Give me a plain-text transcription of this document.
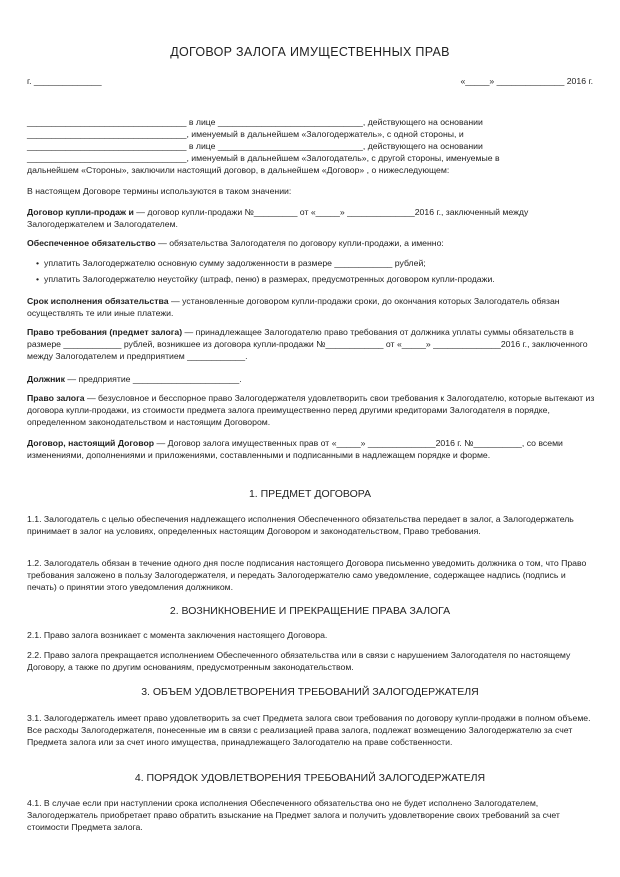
ДОГОВОР ЗАЛОГА ИМУЩЕСТВЕННЫХ ПРАВ
г. ______________	«_____» ______________ 2016 г.
_________________________________ в лице ______________________________, действующего на основании
_________________________________, именуемый в дальнейшем «Залогодержатель», с одной стороны, и
_________________________________ в лице ______________________________, действующего на основании
_________________________________, именуемый в дальнейшем «Залогодатель», с другой стороны, именуемые в
дальнейшем «Стороны», заключили настоящий договор, в дальнейшем «Договор» , о нижеследующем:
В настоящем Договоре термины используются в таком значении:
Договор купли-продаж и — договор купли-продажи №_________ от «_____» ______________2016 г., заключенный между Залогодержателем и Залогодателем.
Обеспеченное обязательство — обязательства Залогодателя по договору купли-продажи, а именно:
• уплатить Залогодержателю основную сумму задолженности в размере ____________ рублей;
• уплатить Залогодержателю неустойку (штраф, пеню) в размерах, предусмотренных договором купли-продажи.
Срок исполнения обязательства — установленные договором купли-продажи сроки, до окончания которых Залогодатель обязан осуществлять те или иные платежи.
Право требования (предмет залога) — принадлежащее Залогодателю право требования от должника уплаты суммы обязательств в размере ____________ рублей, возникшее из договора купли-продажи №____________ от «_____» ______________2016 г., заключенного между Залогодателем и предприятием ____________.
Должник — предприятие ______________________.
Право залога — безусловное и бесспорное право Залогодержателя удовлетворить свои требования к Залогодателю, которые вытекают из договора купли-продажи, из стоимости предмета залога преимущественно перед другими кредиторами Залогодателя в порядке, определенном законодательством и настоящим Договором.
Договор, настоящий Договор — Договор залога имущественных прав от «_____» ______________2016 г. №__________, со всеми изменениями, дополнениями и приложениями, составленными и подписанными в надлежащем порядке и форме.
1. ПРЕДМЕТ ДОГОВОРА
1.1. Залогодатель с целью обеспечения надлежащего исполнения Обеспеченного обязательства передает в залог, а Залогодержатель принимает в залог на условиях, определенных настоящим Договором и законодательством, Право требования.
1.2. Залогодатель обязан в течение одного дня после подписания настоящего Договора письменно уведомить должника о том, что Право требования заложено в пользу Залогодержателя, и передать Залогодержателю само уведомление, содержащее надпись (подпись и печать) о принятии этого уведомления должником.
2. ВОЗНИКНОВЕНИЕ И ПРЕКРАЩЕНИЕ ПРАВА ЗАЛОГА
2.1. Право залога возникает с момента заключения настоящего Договора.
2.2. Право залога прекращается исполнением Обеспеченного обязательства или в связи с нарушением Залогодателя по настоящему Договору, а также по другим основаниям, предусмотренным законодательством.
3. ОБЪЕМ УДОВЛЕТВОРЕНИЯ ТРЕБОВАНИЙ ЗАЛОГОДЕРЖАТЕЛЯ
3.1. Залогодержатель имеет право удовлетворить за счет Предмета залога свои требования по договору купли-продажи в полном объеме. Все расходы Залогодержателя, понесенные им в связи с реализацией права залога, подлежат возмещению Залогодержателю за счет Предмета залога или за счет иного имущества, принадлежащего Залогодателю на праве собственности.
4. ПОРЯДОК УДОВЛЕТВОРЕНИЯ ТРЕБОВАНИЙ ЗАЛОГОДЕРЖАТЕЛЯ
4.1. В случае если при наступлении срока исполнения Обеспеченного обязательства оно не будет исполнено Залогодателем, Залогодержатель приобретает право обратить взыскание на Предмет залога и получить удовлетворение своих требований за счет стоимости Предмета залога.
